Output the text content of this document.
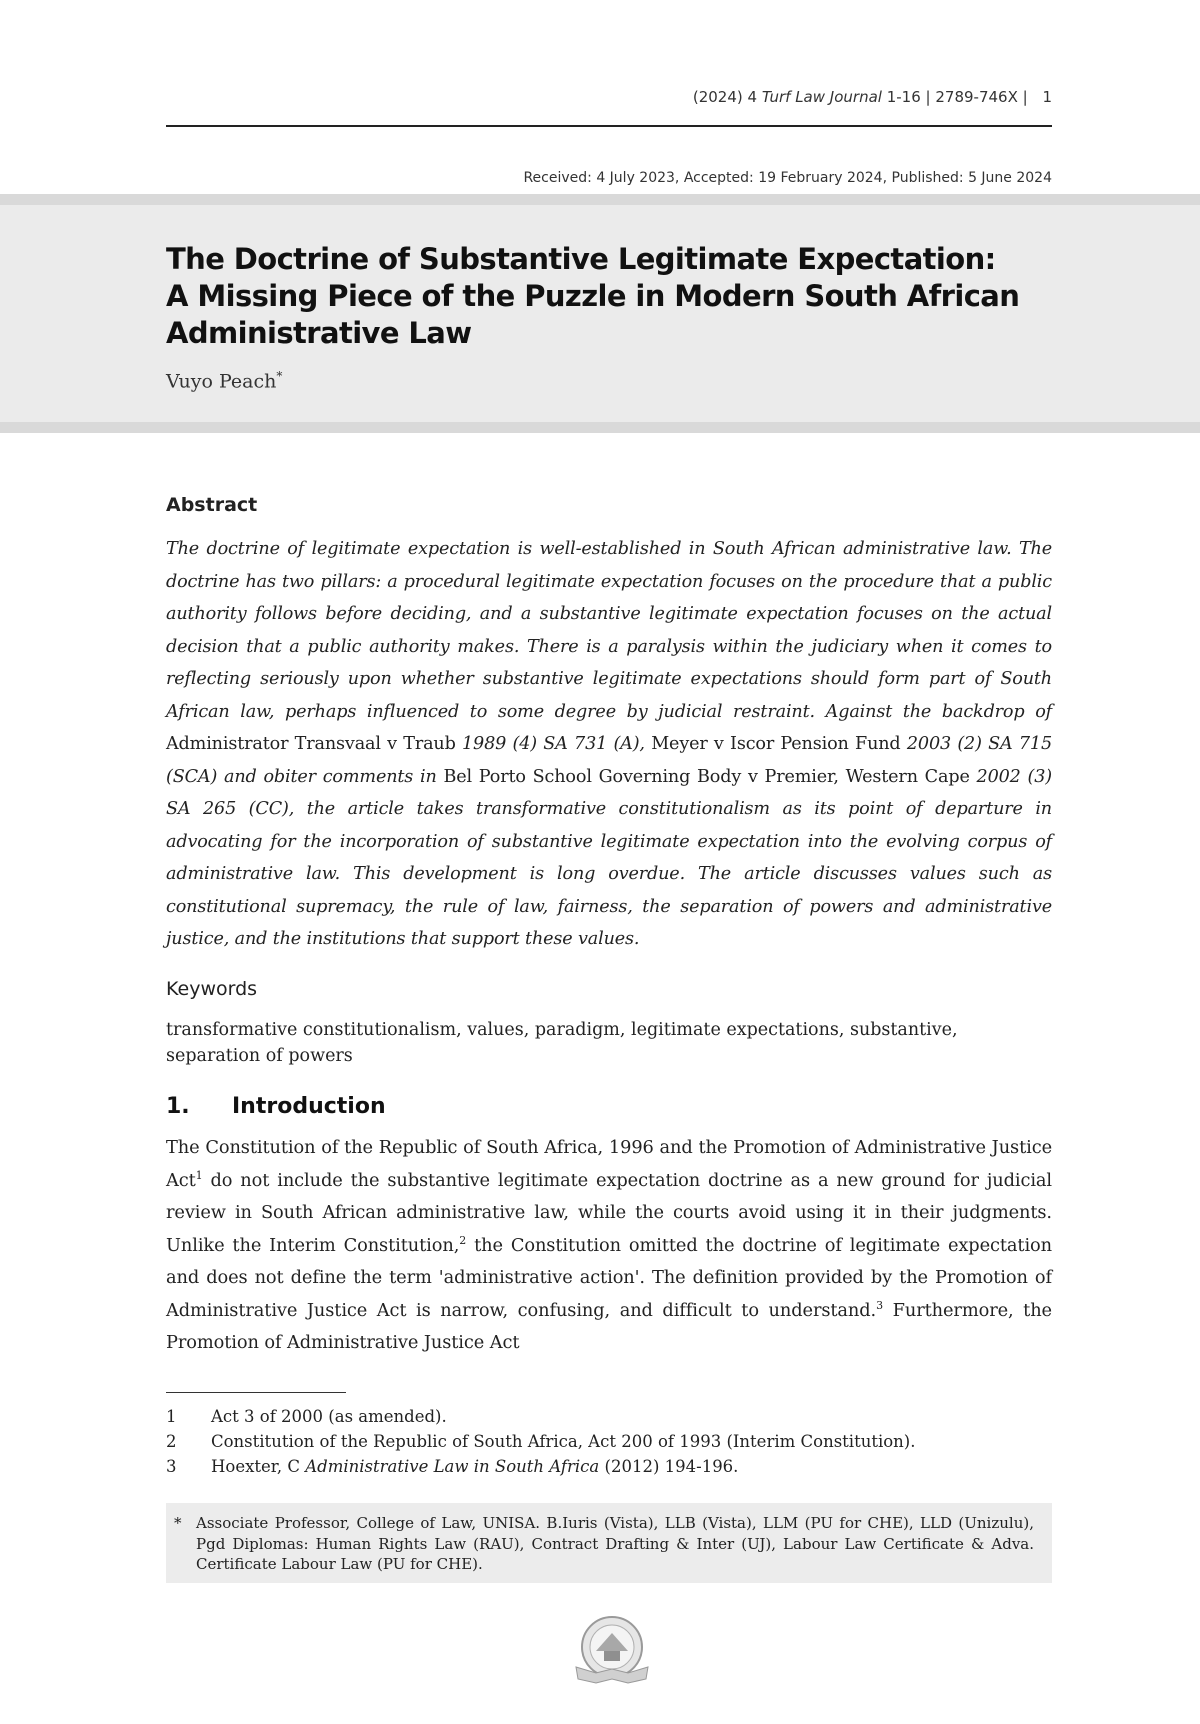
(2024) 4 Turf Law Journal 1-16 | 2789-746X | 1
Received: 4 July 2023, Accepted: 19 February 2024, Published: 5 June 2024
The Doctrine of Substantive Legitimate Expectation:
A Missing Piece of the Puzzle in Modern South African
Administrative Law
Vuyo Peach*
Abstract

The doctrine of legitimate expectation is well-established in South African administrative law. The doctrine has two pillars: a procedural legitimate expectation focuses on the procedure that a public authority follows before deciding, and a substantive legitimate expectation focuses on the actual decision that a public authority makes. There is a paralysis within the judiciary when it comes to reflecting seriously upon whether substantive legitimate expectations should form part of South African law, perhaps influenced to some degree by judicial restraint. Against the backdrop of Administrator Transvaal v Traub 1989 (4) SA 731 (A), Meyer v Iscor Pension Fund 2003 (2) SA 715 (SCA) and obiter comments in Bel Porto School Governing Body v Premier, Western Cape 2002 (3) SA 265 (CC), the article takes transformative constitutionalism as its point of departure in advocating for the incorporation of substantive legitimate expectation into the evolving corpus of administrative law. This development is long overdue. The article discusses values such as constitutional supremacy, the rule of law, fairness, the separation of powers and administrative justice, and the institutions that support these values.

Keywords

transformative constitutionalism, values, paradigm, legitimate expectations, substantive, separation of powers

1. Introduction

The Constitution of the Republic of South Africa, 1996 and the Promotion of Administrative Justice Act$^1$ do not include the substantive legitimate expectation doctrine as a new ground for judicial review in South African administrative law, while the courts avoid using it in their judgments. Unlike the Interim Constitution,$^2$ the Constitution omitted the doctrine of legitimate expectation and does not define the term 'administrative action'. The definition provided by the Promotion of Administrative Justice Act is narrow, confusing, and difficult to understand.$^3$ Furthermore, the Promotion of Administrative Justice Act

1 Act 3 of 2000 (as amended).
2 Constitution of the Republic of South Africa, Act 200 of 1993 (Interim Constitution).
3 Hoexter, C Administrative Law in South Africa (2012) 194-196.
* Associate Professor, College of Law, UNISA. B.Iuris (Vista), LLB (Vista), LLM (PU for CHE), LLD (Unizulu), Pgd Diplomas: Human Rights Law (RAU), Contract Drafting & Inter (UJ), Labour Law Certificate & Adva. Certificate Labour Law (PU for CHE).
